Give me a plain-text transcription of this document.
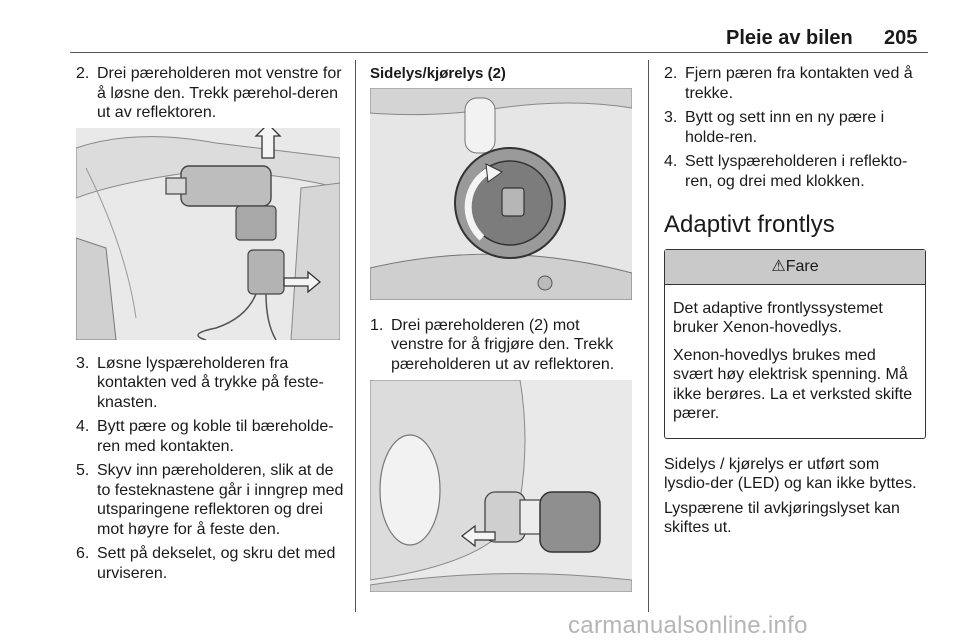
Pleie av bilen 205
2. Drei pæreholderen mot venstre for å løsne den. Trekk pærehol-deren ut av reflektoren.
3. Løsne lyspæreholderen fra kontakten ved å trykke på feste-knasten.
4. Bytt pære og koble til bæreholde-ren med kontakten.
5. Skyv inn pæreholderen, slik at de to festeknastene går i inngrep med utsparingene reflektoren og drei mot høyre for å feste den.
6. Sett på dekselet, og skru det med urviseren.
Sidelys/kjørelys (2)
1. Drei pæreholderen (2) mot venstre for å frigjøre den. Trekk pæreholderen ut av reflektoren.
2. Fjern pæren fra kontakten ved å trekke.
3. Bytt og sett inn en ny pære i holde-ren.
4. Sett lyspæreholderen i reflekto-ren, og drei med klokken.
Adaptivt frontlys
⚠ Fare
Det adaptive frontlyssystemet bruker Xenon-hovedlys.
Xenon-hovedlys brukes med svært høy elektrisk spenning. Må ikke berøres. La et verksted skifte pærer.
Sidelys / kjørelys er utført som lysdio-der (LED) og kan ikke byttes.
Lyspærene til avkjøringslyset kan skiftes ut.
carmanualsonline.info
